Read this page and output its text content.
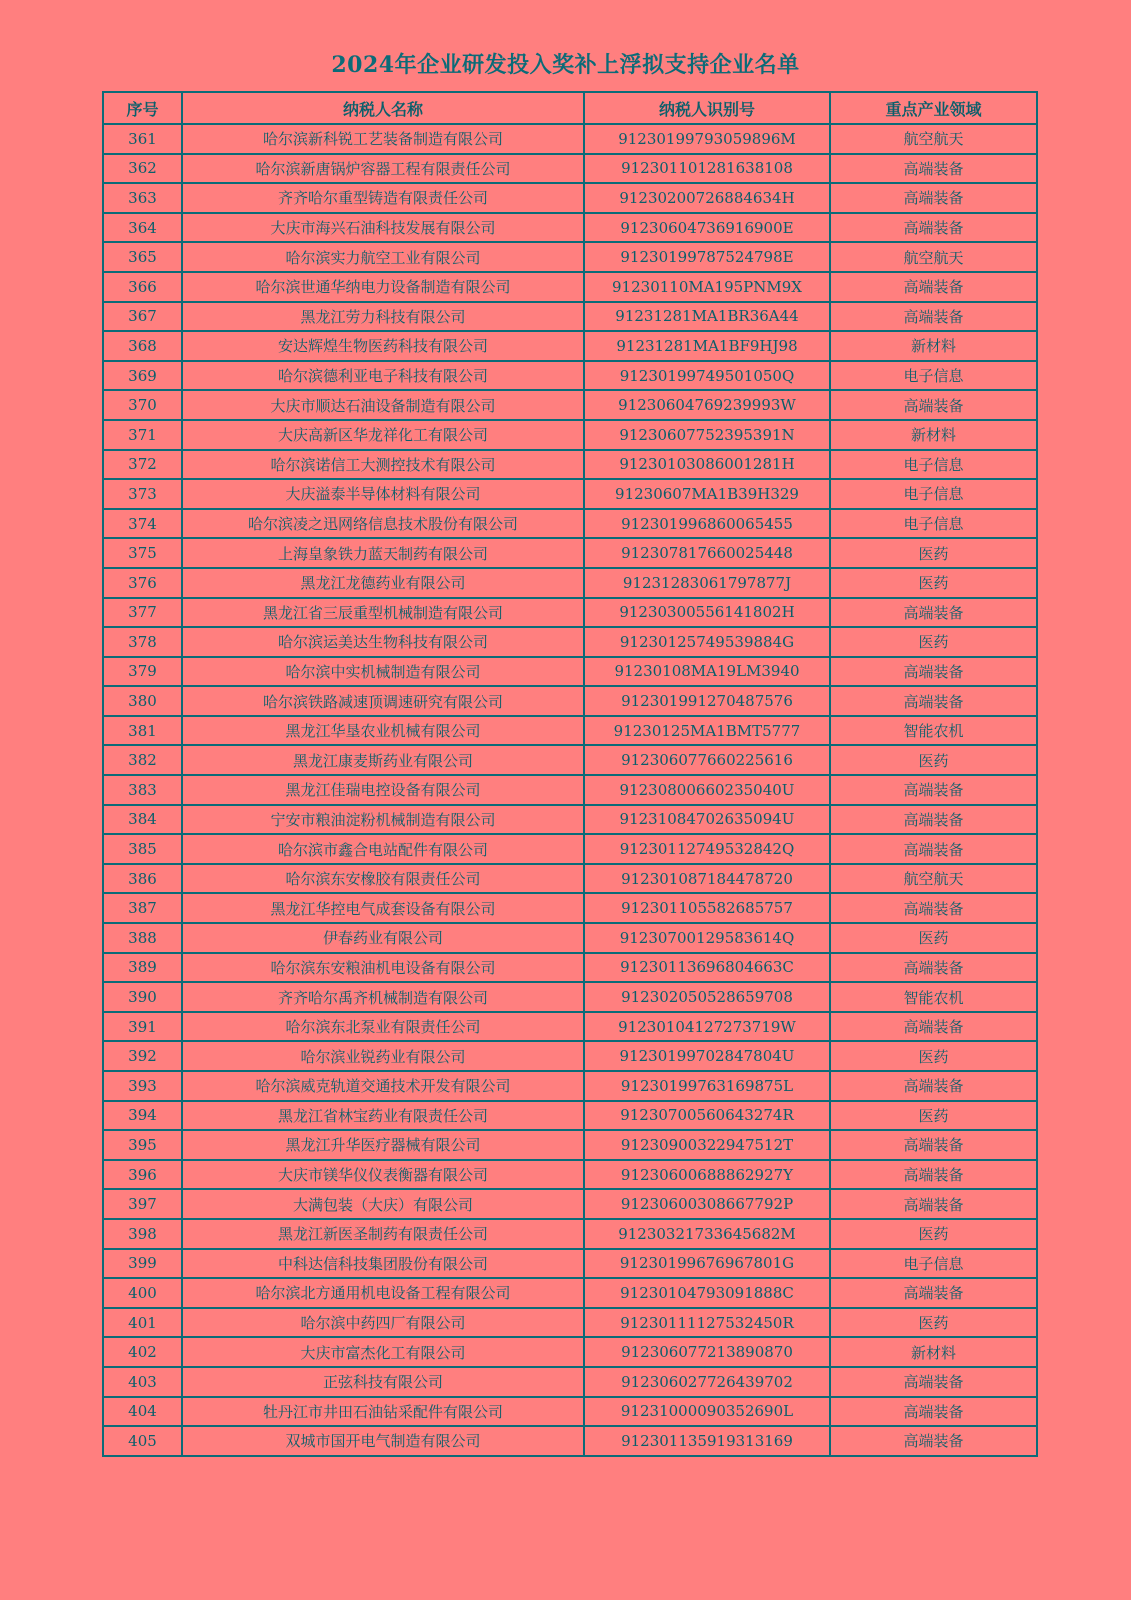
2024年企业研发投入奖补上浮拟支持企业名单
序号	纳税人名称	纳税人识别号	重点产业领域
361	哈尔滨新科锐工艺装备制造有限公司	91230199793059896M	航空航天
362	哈尔滨新唐锅炉容器工程有限责任公司	912301101281638108	高端装备
363	齐齐哈尔重型铸造有限责任公司	91230200726884634H	高端装备
364	大庆市海兴石油科技发展有限公司	91230604736916900E	高端装备
365	哈尔滨实力航空工业有限公司	91230199787524798E	航空航天
366	哈尔滨世通华纳电力设备制造有限公司	91230110MA195PNM9X	高端装备
367	黑龙江劳力科技有限公司	91231281MA1BR36A44	高端装备
368	安达辉煌生物医药科技有限公司	91231281MA1BF9HJ98	新材料
369	哈尔滨德利亚电子科技有限公司	91230199749501050Q	电子信息
370	大庆市顺达石油设备制造有限公司	91230604769239993W	高端装备
371	大庆高新区华龙祥化工有限公司	91230607752395391N	新材料
372	哈尔滨诺信工大测控技术有限公司	91230103086001281H	电子信息
373	大庆溢泰半导体材料有限公司	91230607MA1B39H329	电子信息
374	哈尔滨凌之迅网络信息技术股份有限公司	912301996860065455	电子信息
375	上海皇象铁力蓝天制药有限公司	912307817660025448	医药
376	黑龙江龙德药业有限公司	91231283061797877J	医药
377	黑龙江省三辰重型机械制造有限公司	91230300556141802H	高端装备
378	哈尔滨运美达生物科技有限公司	91230125749539884G	医药
379	哈尔滨中实机械制造有限公司	91230108MA19LM3940	高端装备
380	哈尔滨铁路减速顶调速研究有限公司	912301991270487576	高端装备
381	黑龙江华垦农业机械有限公司	91230125MA1BMT5777	智能农机
382	黑龙江康麦斯药业有限公司	912306077660225616	医药
383	黑龙江佳瑞电控设备有限公司	91230800660235040U	高端装备
384	宁安市粮油淀粉机械制造有限公司	91231084702635094U	高端装备
385	哈尔滨市鑫合电站配件有限公司	91230112749532842Q	高端装备
386	哈尔滨东安橡胶有限责任公司	912301087184478720	航空航天
387	黑龙江华控电气成套设备有限公司	912301105582685757	高端装备
388	伊春药业有限公司	91230700129583614Q	医药
389	哈尔滨东安粮油机电设备有限公司	91230113696804663C	高端装备
390	齐齐哈尔禹齐机械制造有限公司	912302050528659708	智能农机
391	哈尔滨东北泵业有限责任公司	91230104127273719W	高端装备
392	哈尔滨业锐药业有限公司	91230199702847804U	医药
393	哈尔滨威克轨道交通技术开发有限公司	91230199763169875L	高端装备
394	黑龙江省林宝药业有限责任公司	91230700560643274R	医药
395	黑龙江升华医疗器械有限公司	91230900322947512T	高端装备
396	大庆市镁华仪仪表衡器有限公司	91230600688862927Y	高端装备
397	大满包装（大庆）有限公司	91230600308667792P	高端装备
398	黑龙江新医圣制药有限责任公司	91230321733645682M	医药
399	中科达信科技集团股份有限公司	91230199676967801G	电子信息
400	哈尔滨北方通用机电设备工程有限公司	91230104793091888C	高端装备
401	哈尔滨中药四厂有限公司	91230111127532450R	医药
402	大庆市富杰化工有限公司	912306077213890870	新材料
403	正弦科技有限公司	912306027726439702	高端装备
404	牡丹江市井田石油钻采配件有限公司	91231000090352690L	高端装备
405	双城市国开电气制造有限公司	912301135919313169	高端装备
